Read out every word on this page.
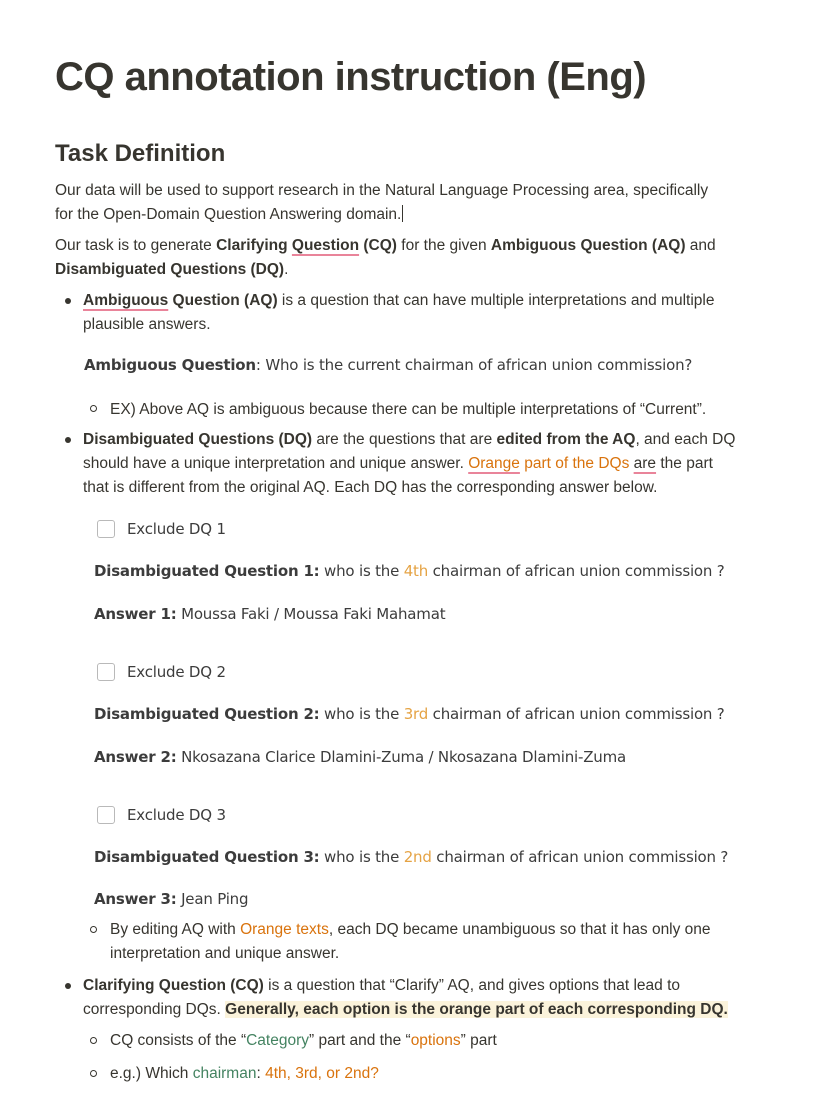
CQ annotation instruction (Eng)
Task Definition
Our data will be used to support research in the Natural Language Processing area, specifically
for the Open-Domain Question Answering domain.
Our task is to generate Clarifying Question (CQ) for the given Ambiguous Question (AQ) and
Disambiguated Questions (DQ).
Ambiguous Question (AQ) is a question that can have multiple interpretations and multiple
plausible answers.
Ambiguous Question: Who is the current chairman of african union commission?
EX) Above AQ is ambiguous because there can be multiple interpretations of “Current”.
Disambiguated Questions (DQ) are the questions that are edited from the AQ, and each DQ
should have a unique interpretation and unique answer. Orange part of the DQs are the part
that is different from the original AQ. Each DQ has the corresponding answer below.
Exclude DQ 1
Disambiguated Question 1: who is the 4th chairman of african union commission ?
Answer 1: Moussa Faki / Moussa Faki Mahamat
Exclude DQ 2
Disambiguated Question 2: who is the 3rd chairman of african union commission ?
Answer 2: Nkosazana Clarice Dlamini-Zuma / Nkosazana Dlamini-Zuma
Exclude DQ 3
Disambiguated Question 3: who is the 2nd chairman of african union commission ?
Answer 3: Jean Ping
By editing AQ with Orange texts, each DQ became unambiguous so that it has only one
interpretation and unique answer.
Clarifying Question (CQ) is a question that “Clarify” AQ, and gives options that lead to
corresponding DQs. Generally, each option is the orange part of each corresponding DQ.
CQ consists of the “Category” part and the “options” part
e.g.) Which chairman: 4th, 3rd, or 2nd?
